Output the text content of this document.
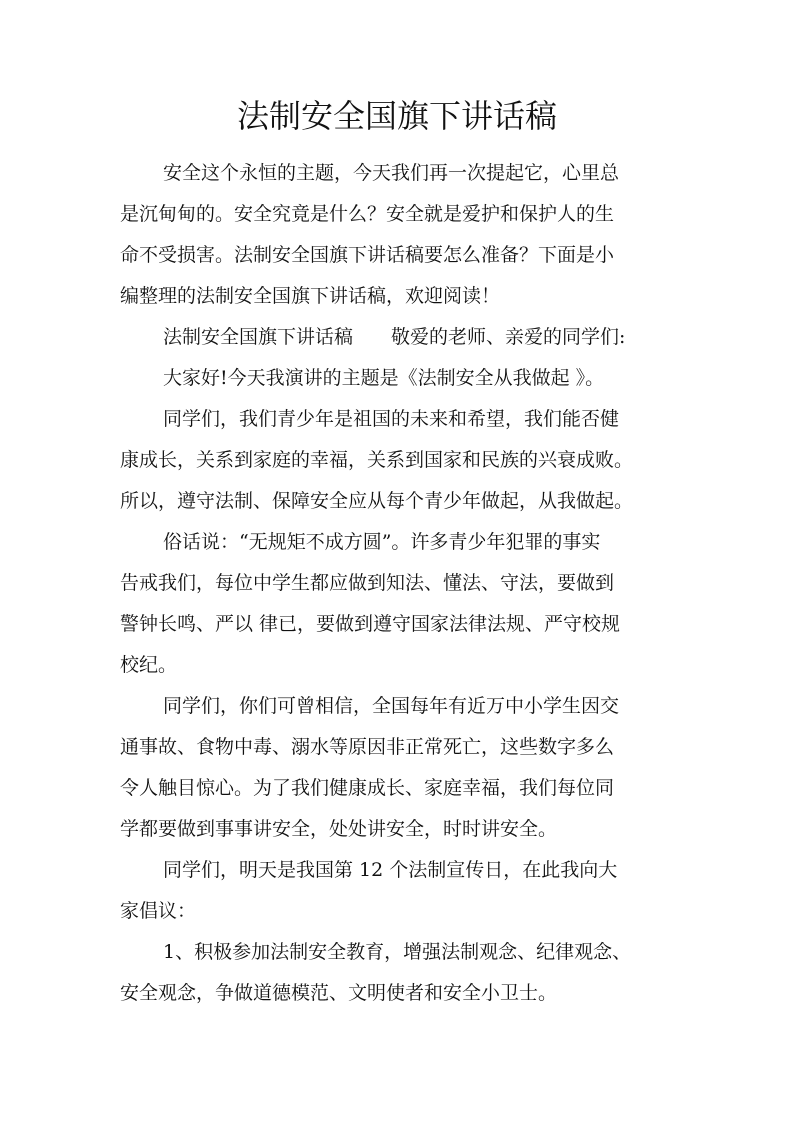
法制安全国旗下讲话稿
安全这个永恒的主题，今天我们再一次提起它，心里总
是沉甸甸的。安全究竟是什么？安全就是爱护和保护人的生
命不受损害。法制安全国旗下讲话稿要怎么准备？下面是小
编整理的法制安全国旗下讲话稿，欢迎阅读！
法制安全国旗下讲话稿　　敬爱的老师、亲爱的同学们:
大家好!今天我演讲的主题是《法制安全从我做起 》。
同学们，我们青少年是祖国的未来和希望，我们能否健
康成长，关系到家庭的幸福，关系到国家和民族的兴衰成败。
所以，遵守法制、保障安全应从每个青少年做起，从我做起。
俗话说：“无规矩不成方圆”。许多青少年犯罪的事实
告戒我们，每位中学生都应做到知法、懂法、守法，要做到
警钟长鸣、严以 律已，要做到遵守国家法律法规、严守校规
校纪。
同学们，你们可曾相信，全国每年有近万中小学生因交
通事故、食物中毒、溺水等原因非正常死亡，这些数字多么
令人触目惊心。为了我们健康成长、家庭幸福，我们每位同
学都要做到事事讲安全，处处讲安全，时时讲安全。
同学们，明天是我国第 12 个法制宣传日，在此我向大
家倡议：
1、积极参加法制安全教育，增强法制观念、纪律观念、
安全观念，争做道德模范、文明使者和安全小卫士。
